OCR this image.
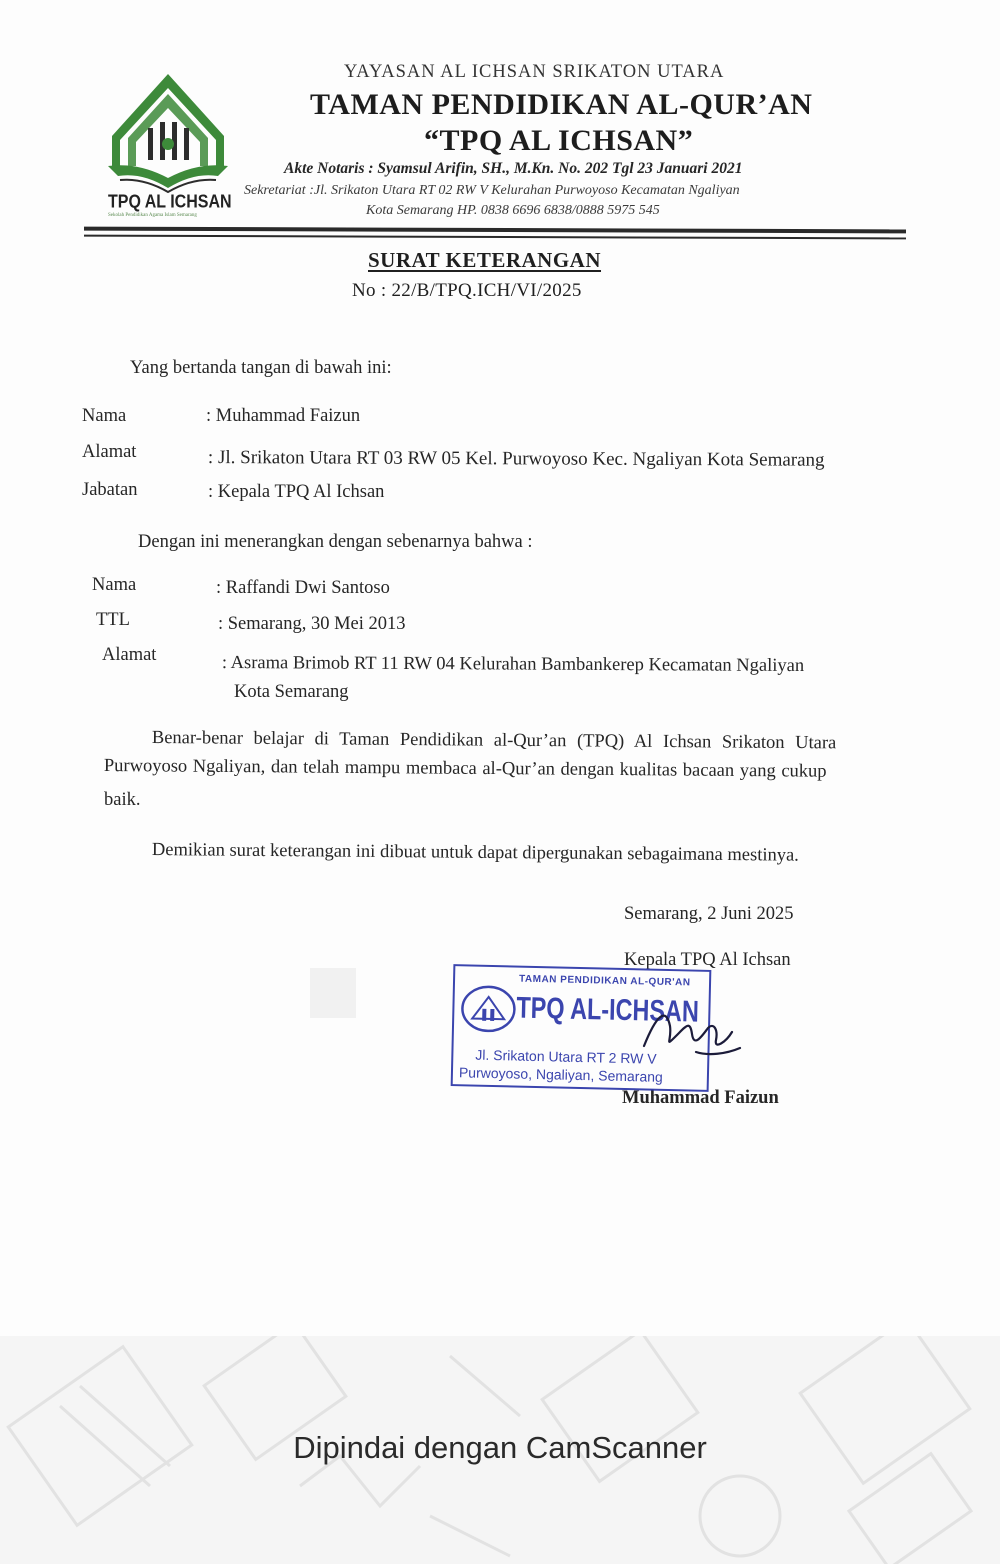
TPQ AL ICHSAN
Sekolah Pendidikan Agama Islam Semarang
YAYASAN AL ICHSAN SRIKATON UTARA
TAMAN PENDIDIKAN AL-QUR’AN
“TPQ AL ICHSAN”
Akte Notaris : Syamsul Arifin, SH., M.Kn. No. 202 Tgl 23 Januari 2021
Sekretariat :Jl. Srikaton Utara RT 02 RW V Kelurahan Purwoyoso Kecamatan Ngaliyan
Kota Semarang HP. 0838 6696 6838/0888 5975 545
SURAT KETERANGAN
No : 22/B/TPQ.ICH/VI/2025
Yang bertanda tangan di bawah ini:
Nama	: Muhammad Faizun
Alamat	: Jl. Srikaton Utara RT 03 RW 05 Kel. Purwoyoso Kec. Ngaliyan Kota Semarang
Jabatan	: Kepala TPQ Al Ichsan
Dengan ini menerangkan dengan sebenarnya bahwa :
Nama	: Raffandi Dwi Santoso
TTL	: Semarang, 30 Mei 2013
Alamat	: Asrama Brimob RT 11 RW 04 Kelurahan Bambankerep Kecamatan Ngaliyan
Kota Semarang
Benar-benar belajar di Taman Pendidikan al-Qur’an (TPQ) Al Ichsan Srikaton Utara
Purwoyoso Ngaliyan, dan telah mampu membaca al-Qur’an dengan kualitas bacaan yang cukup
baik.
Demikian surat keterangan ini dibuat untuk dapat dipergunakan sebagaimana mestinya.
Semarang, 2 Juni 2025
Kepala TPQ Al Ichsan
Muhammad Faizun
TAMAN PENDIDIKAN AL-QUR'AN
TPQ AL-ICHSAN
Jl. Srikaton Utara RT 2 RW V
Purwoyoso, Ngaliyan, Semarang
Dipindai dengan CamScanner
